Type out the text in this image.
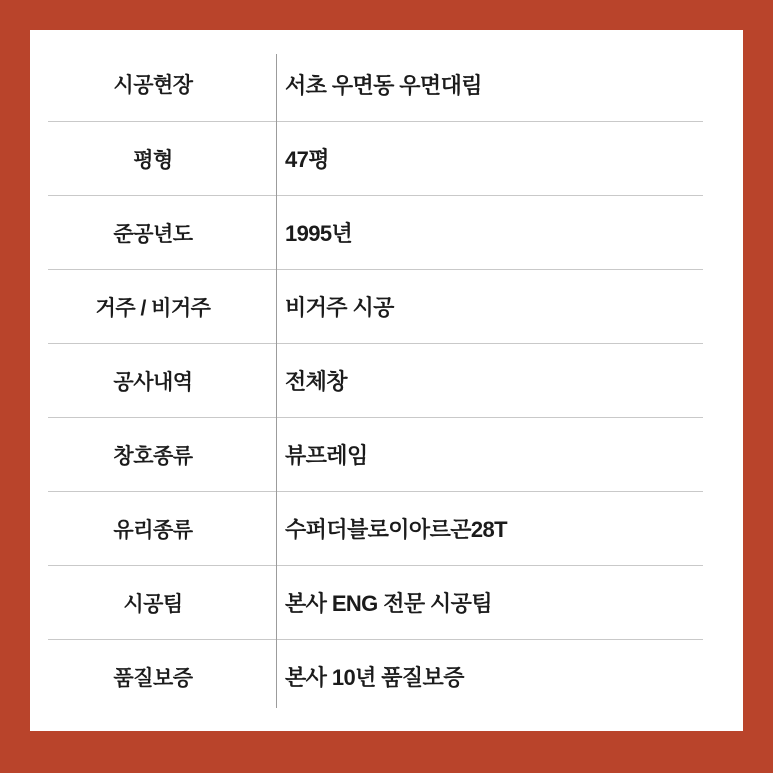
시공현장		서초 우면동 우면대림
평형		47평
준공년도		1995년
거주 / 비거주		비거주 시공
공사내역		전체창
창호종류		뷰프레임
유리종류		수퍼더블로이아르곤28T
시공팀		본사 ENG 전문 시공팀
품질보증		본사 10년 품질보증
